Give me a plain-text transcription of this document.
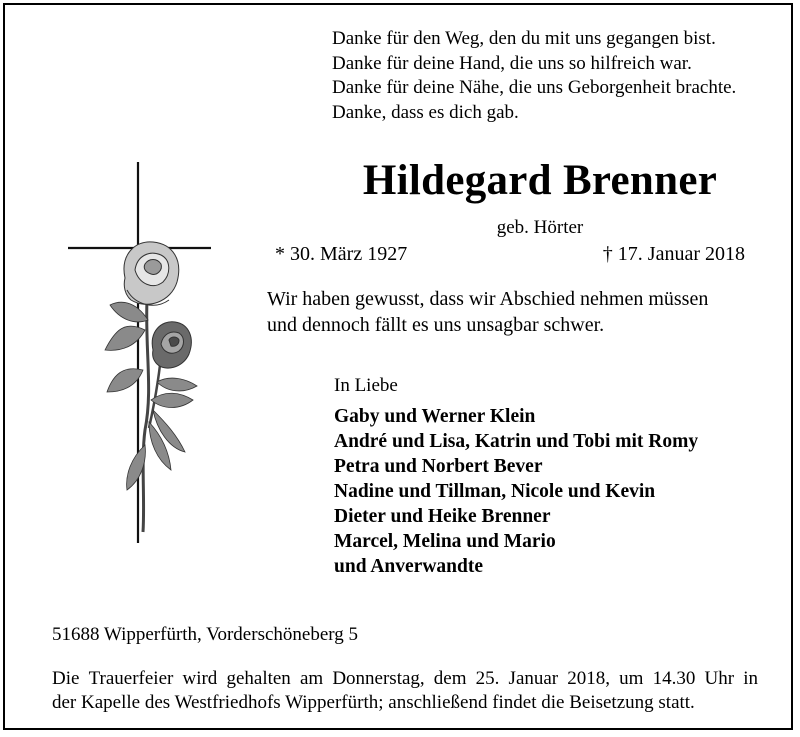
Danke für den Weg, den du mit uns gegangen bist.
Danke für deine Hand, die uns so hilfreich war.
Danke für deine Nähe, die uns Geborgenheit brachte.
Danke, dass es dich gab.
Hildegard Brenner

geb. Hörter

* 30. März 1927	† 17. Januar 2018

Wir haben gewusst, dass wir Abschied nehmen müssen
und dennoch fällt es uns unsagbar schwer.

In Liebe

Gaby und Werner Klein
André und Lisa, Katrin und Tobi mit Romy
Petra und Norbert Bever
Nadine und Tillman, Nicole und Kevin
Dieter und Heike Brenner
Marcel, Melina und Mario
und Anverwandte

51688 Wipperfürth, Vorderschöneberg 5

Die Trauerfeier wird gehalten am Donnerstag, dem 25. Januar 2018, um 14.30 Uhr in
der Kapelle des Westfriedhofs Wipperfürth; anschließend findet die Beisetzung statt.
